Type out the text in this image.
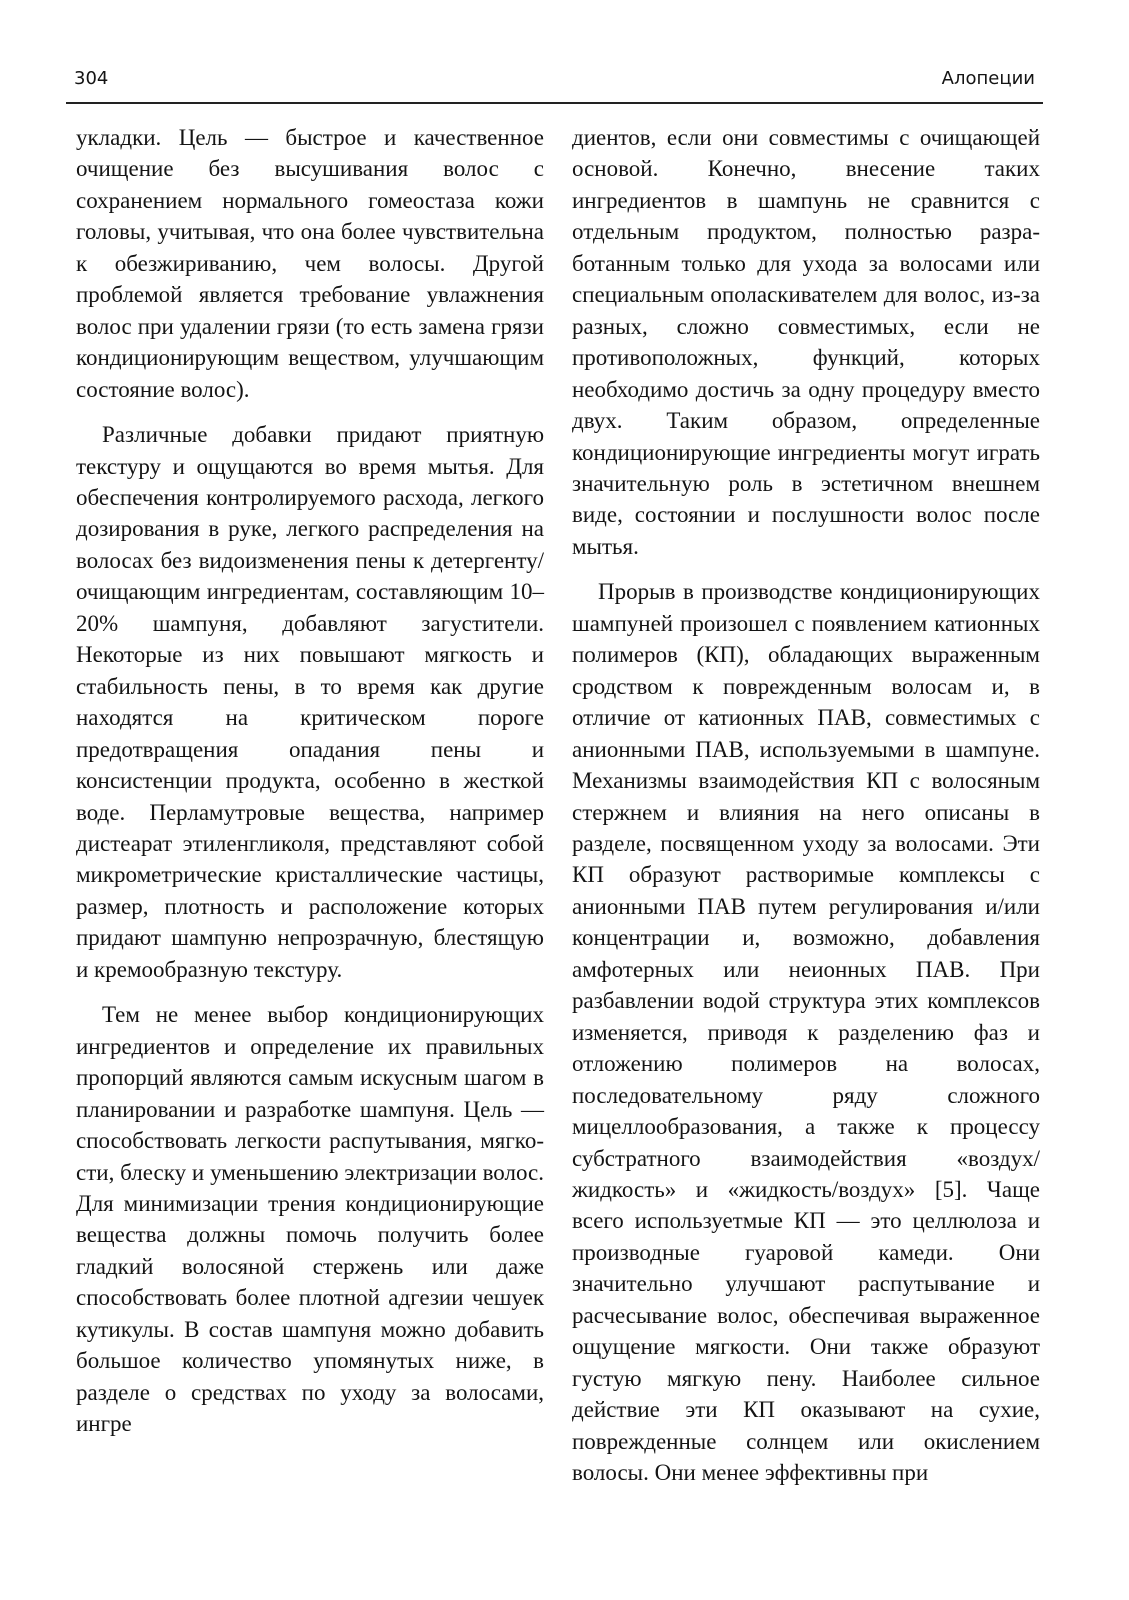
304	Алопеции

укладки. Цель — быстрое и качественное очищение без высушивания волос с сохранением нормального гомеостаза кожи головы, учитывая, что она более чувствительна к обезжириванию, чем волосы. Другой проблемой является требование увлажнения волос при удалении грязи (то есть замена грязи кондиционирующим веществом, улучшающим состояние волос).

Различные добавки придают приятную текстуру и ощущаются во время мытья. Для обеспечения контролируемого расхода, легкого дозирования в руке, легкого распределения на волосах без видоизменения пены к детергенту/очищающим ингредиентам, составляющим 10–20% шампуня, добавляют загустители. Некоторые из них повышают мягкость и стабильность пены, в то время как другие находятся на критическом пороге предотвращения опадания пены и консистенции продукта, особенно в жесткой воде. Перламутровые вещества, например дистеарат этиленгликоля, представляют собой микрометрические кристаллические частицы, размер, плотность и расположение которых придают шампуню непрозрачную, блестящую и кремообразную текстуру.

Тем не менее выбор кондиционирующих ингредиентов и определение их правильных пропорций являются самым искусным шагом в планировании и разработке шампуня. Цель — способствовать легкости распутывания, мягкости, блеску и уменьшению электризации волос. Для минимизации трения кондиционирующие вещества должны помочь получить более гладкий волосяной стержень или даже способствовать более плотной адгезии чешуек кутикулы. В состав шампуня можно добавить большое количество упомянутых ниже, в разделе о средствах по уходу за волосами, ингре

диентов, если они совместимы с очищающей основой. Конечно, внесение таких ингредиентов в шампунь не сравнится с отдельным продуктом, полностью разработанным только для ухода за волосами или специальным ополаскивателем для волос, из-за разных, сложно совместимых, если не противоположных, функций, которых необходимо достичь за одну процедуру вместо двух. Таким образом, определенные кондиционирующие ингредиенты могут играть значительную роль в эстетичном внешнем виде, состоянии и послушности волос после мытья.

Прорыв в производстве кондиционирующих шампуней произошел с появлением катионных полимеров (КП), обладающих выраженным сродством к поврежденным волосам и, в отличие от катионных ПАВ, совместимых с анионными ПАВ, используемыми в шампуне. Механизмы взаимодействия КП с волосяным стержнем и влияния на него описаны в разделе, посвященном уходу за волосами. Эти КП образуют растворимые комплексы с анионными ПАВ путем регулирования и/или концентрации и, возможно, добавления амфотерных или неионных ПАВ. При разбавлении водой структура этих комплексов изменяется, приводя к разделению фаз и отложению полимеров на волосах, последовательному ряду сложного мицеллообразования, а также к процессу субстратного взаимодействия «воздух/жидкость» и «жидкость/воздух» [5]. Чаще всего используетмые КП — это целлюлоза и производные гуаровой камеди. Они значительно улучшают распутывание и расчесывание волос, обеспечивая выраженное ощущение мягкости. Они также образуют густую мягкую пену. Наиболее сильное действие эти КП оказывают на сухие, поврежденные солнцем или окислением волосы. Они менее эффективны при
